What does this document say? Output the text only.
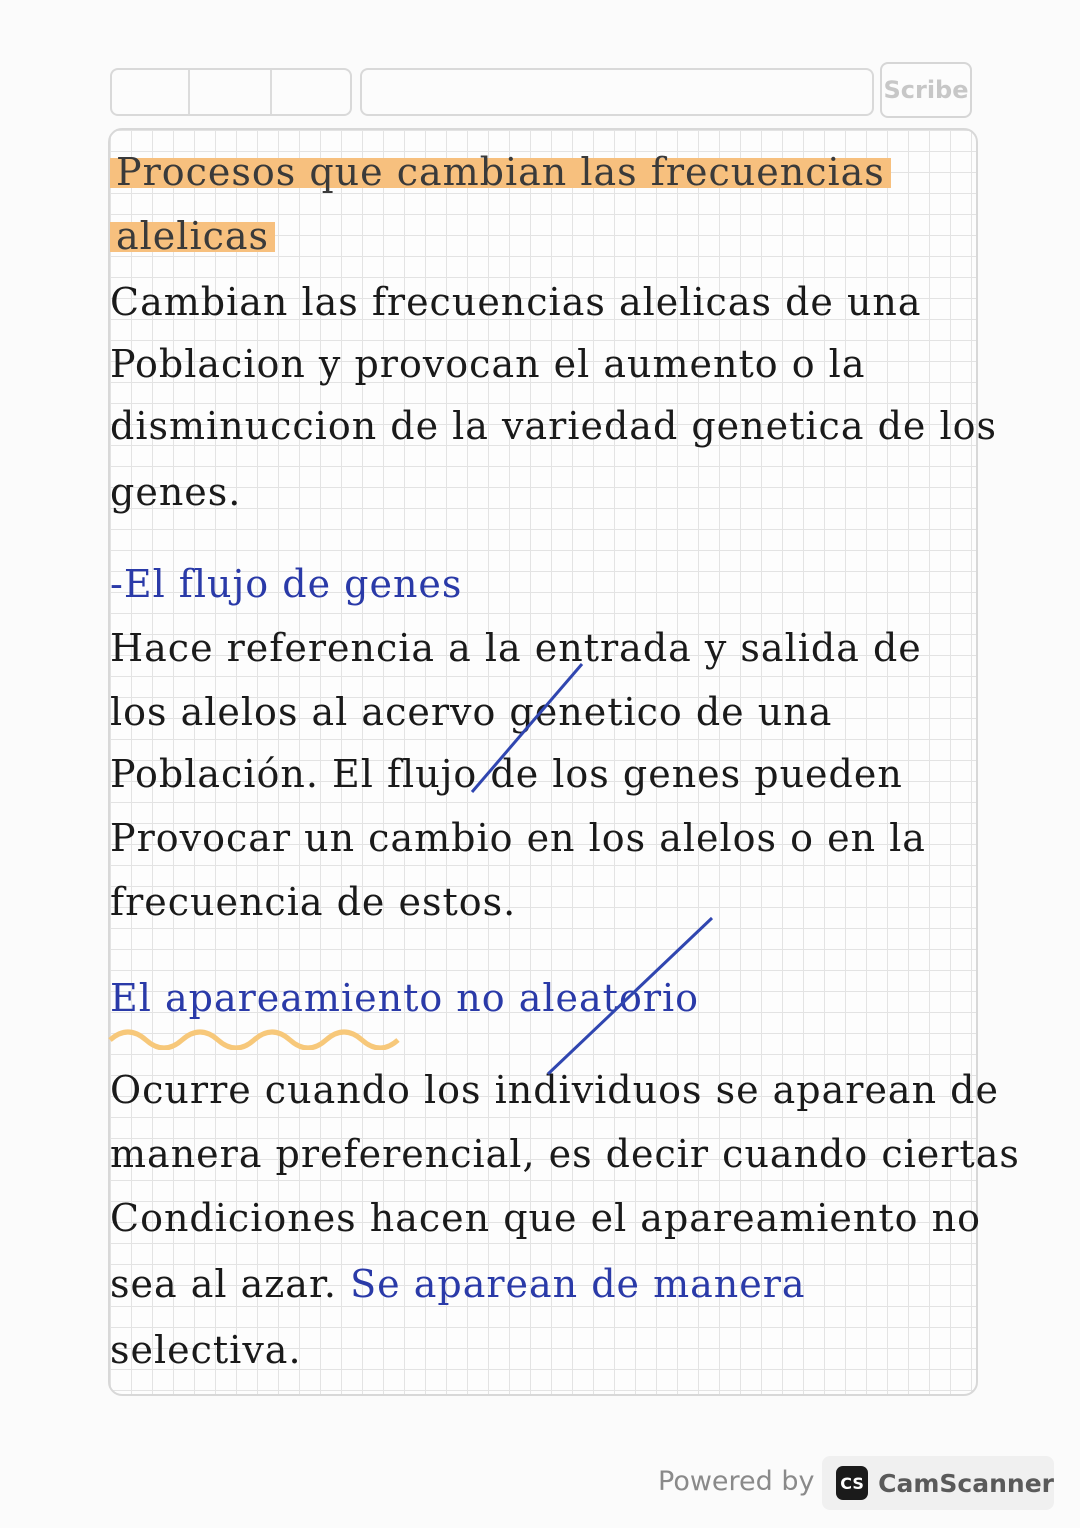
Scribe
Procesos que cambian las frecuencias
alelicas
Cambian las frecuencias alelicas de una
Poblacion y provocan el aumento o la
disminuccion de la variedad genetica de los
genes.
-El flujo de genes
Hace referencia a la entrada y salida de
los alelos al acervo genetico de una
Población. El flujo de los genes pueden
Provocar un cambio en los alelos o en la
frecuencia de estos.
El apareamiento no aleatorio
Ocurre cuando los individuos se aparean de
manera preferencial, es decir cuando ciertas
Condiciones hacen que el apareamiento no
sea al azar. Se aparean de manera
selectiva.
Powered by CS CamScanner
